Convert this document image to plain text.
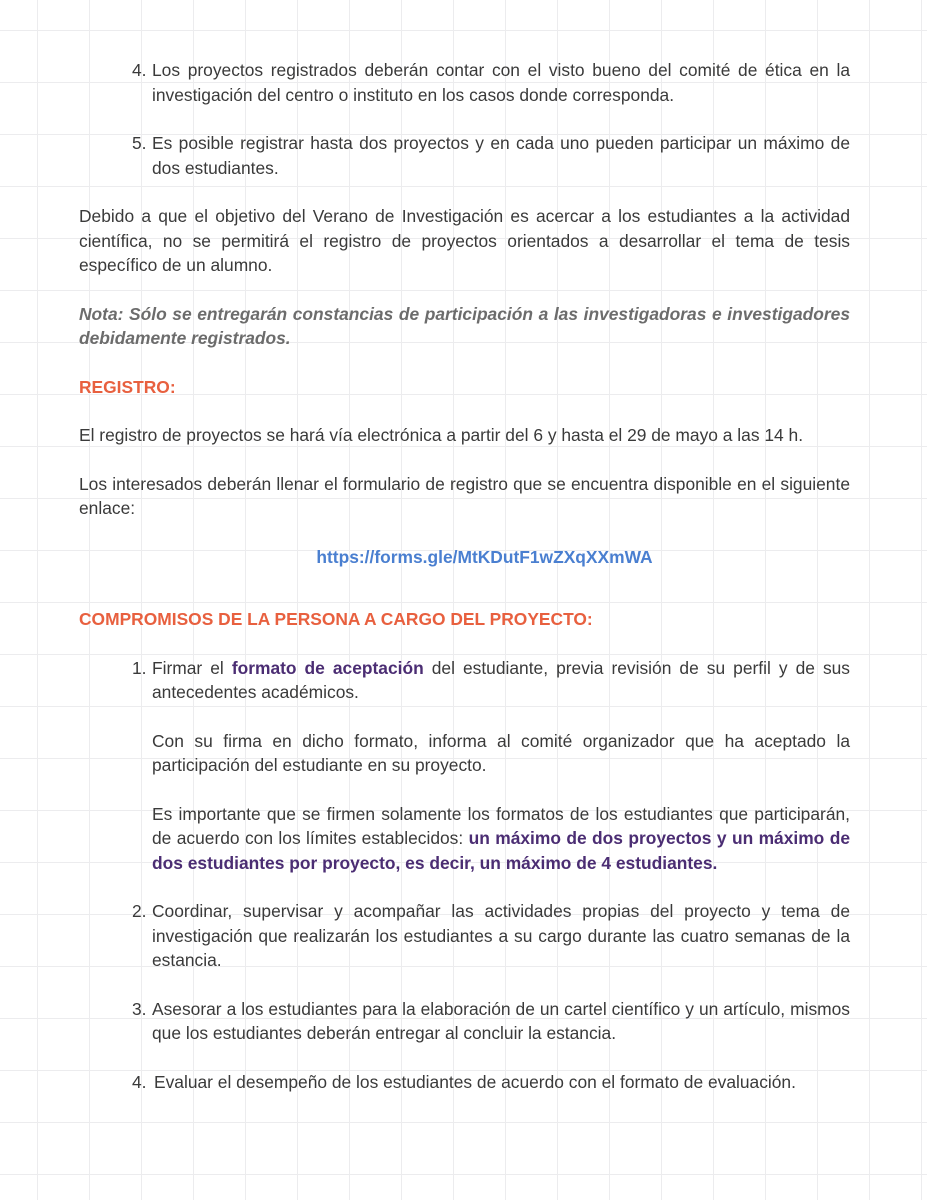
4. Los proyectos registrados deberán contar con el visto bueno del comité de ética en la investigación del centro o instituto en los casos donde corresponda.
5. Es posible registrar hasta dos proyectos y en cada uno pueden participar un máximo de dos estudiantes.

Debido a que el objetivo del Verano de Investigación es acercar a los estudiantes a la actividad científica, no se permitirá el registro de proyectos orientados a desarrollar el tema de tesis específico de un alumno.

Nota: Sólo se entregarán constancias de participación a las investigadoras e investigadores debidamente registrados.

REGISTRO:

El registro de proyectos se hará vía electrónica a partir del 6 y hasta el 29 de mayo a las 14 h.

Los interesados deberán llenar el formulario de registro que se encuentra disponible en el siguiente enlace:

https://forms.gle/MtKDutF1wZXqXXmWA

COMPROMISOS DE LA PERSONA A CARGO DEL PROYECTO:

1. Firmar el formato de aceptación del estudiante, previa revisión de su perfil y de sus antecedentes académicos.

Con su firma en dicho formato, informa al comité organizador que ha aceptado la participación del estudiante en su proyecto.

Es importante que se firmen solamente los formatos de los estudiantes que participarán, de acuerdo con los límites establecidos: un máximo de dos proyectos y un máximo de dos estudiantes por proyecto, es decir, un máximo de 4 estudiantes.

2. Coordinar, supervisar y acompañar las actividades propias del proyecto y tema de investigación que realizarán los estudiantes a su cargo durante las cuatro semanas de la estancia.
3. Asesorar a los estudiantes para la elaboración de un cartel científico y un artículo, mismos que los estudiantes deberán entregar al concluir la estancia.
4. Evaluar el desempeño de los estudiantes de acuerdo con el formato de evaluación.
